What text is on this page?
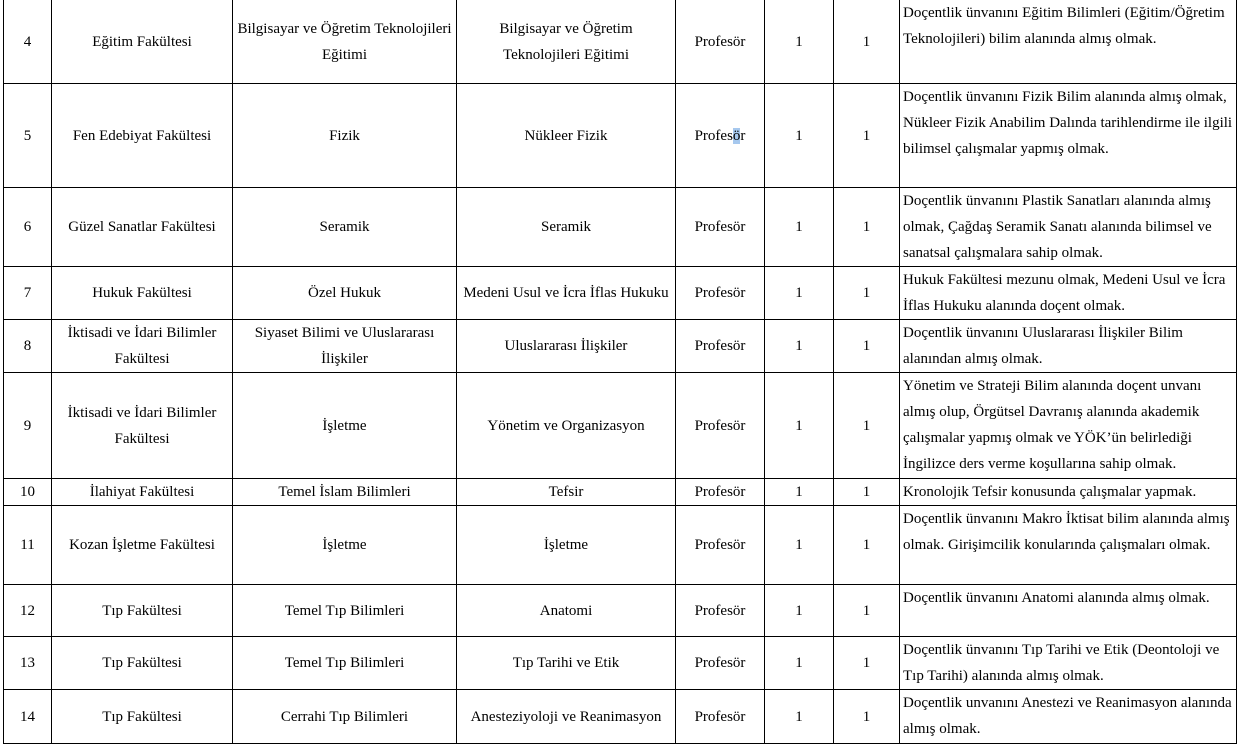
4	Eğitim Fakültesi	Bilgisayar ve Öğretim Teknolojileri Eğitimi	Bilgisayar ve Öğretim Teknolojileri Eğitimi	Profesör	1	1	Doçentlik ünvanını Eğitim Bilimleri (Eğitim/Öğretim Teknolojileri) bilim alanında almış olmak.
5	Fen Edebiyat Fakültesi	Fizik	Nükleer Fizik	Profesör	1	1	Doçentlik ünvanını Fizik Bilim alanında almış olmak, Nükleer Fizik Anabilim Dalında tarihlendirme ile ilgili bilimsel çalışmalar yapmış olmak.
6	Güzel Sanatlar Fakültesi	Seramik	Seramik	Profesör	1	1	Doçentlik ünvanını Plastik Sanatları alanında almış olmak, Çağdaş Seramik Sanatı alanında bilimsel ve sanatsal çalışmalara sahip olmak.
7	Hukuk Fakültesi	Özel Hukuk	Medeni Usul ve İcra İflas Hukuku	Profesör	1	1	Hukuk Fakültesi mezunu olmak, Medeni Usul ve İcra İflas Hukuku alanında doçent olmak.
8	İktisadi ve İdari Bilimler Fakültesi	Siyaset Bilimi ve Uluslararası İlişkiler	Uluslararası İlişkiler	Profesör	1	1	Doçentlik ünvanını Uluslararası İlişkiler Bilim alanından almış olmak.
9	İktisadi ve İdari Bilimler Fakültesi	İşletme	Yönetim ve Organizasyon	Profesör	1	1	Yönetim ve Strateji Bilim alanında doçent unvanı almış olup, Örgütsel Davranış alanında akademik çalışmalar yapmış olmak ve YÖK’ün belirlediği İngilizce ders verme koşullarına sahip olmak.
10	İlahiyat Fakültesi	Temel İslam Bilimleri	Tefsir	Profesör	1	1	Kronolojik Tefsir konusunda çalışmalar yapmak.
11	Kozan İşletme Fakültesi	İşletme	İşletme	Profesör	1	1	Doçentlik ünvanını Makro İktisat bilim alanında almış olmak. Girişimcilik konularında çalışmaları olmak.
12	Tıp Fakültesi	Temel Tıp Bilimleri	Anatomi	Profesör	1	1	Doçentlik ünvanını Anatomi alanında almış olmak.
13	Tıp Fakültesi	Temel Tıp Bilimleri	Tıp Tarihi ve Etik	Profesör	1	1	Doçentlik ünvanını Tıp Tarihi ve Etik (Deontoloji ve Tıp Tarihi) alanında almış olmak.
14	Tıp Fakültesi	Cerrahi Tıp Bilimleri	Anesteziyoloji ve Reanimasyon	Profesör	1	1	Doçentlik unvanını Anestezi ve Reanimasyon alanında almış olmak.
